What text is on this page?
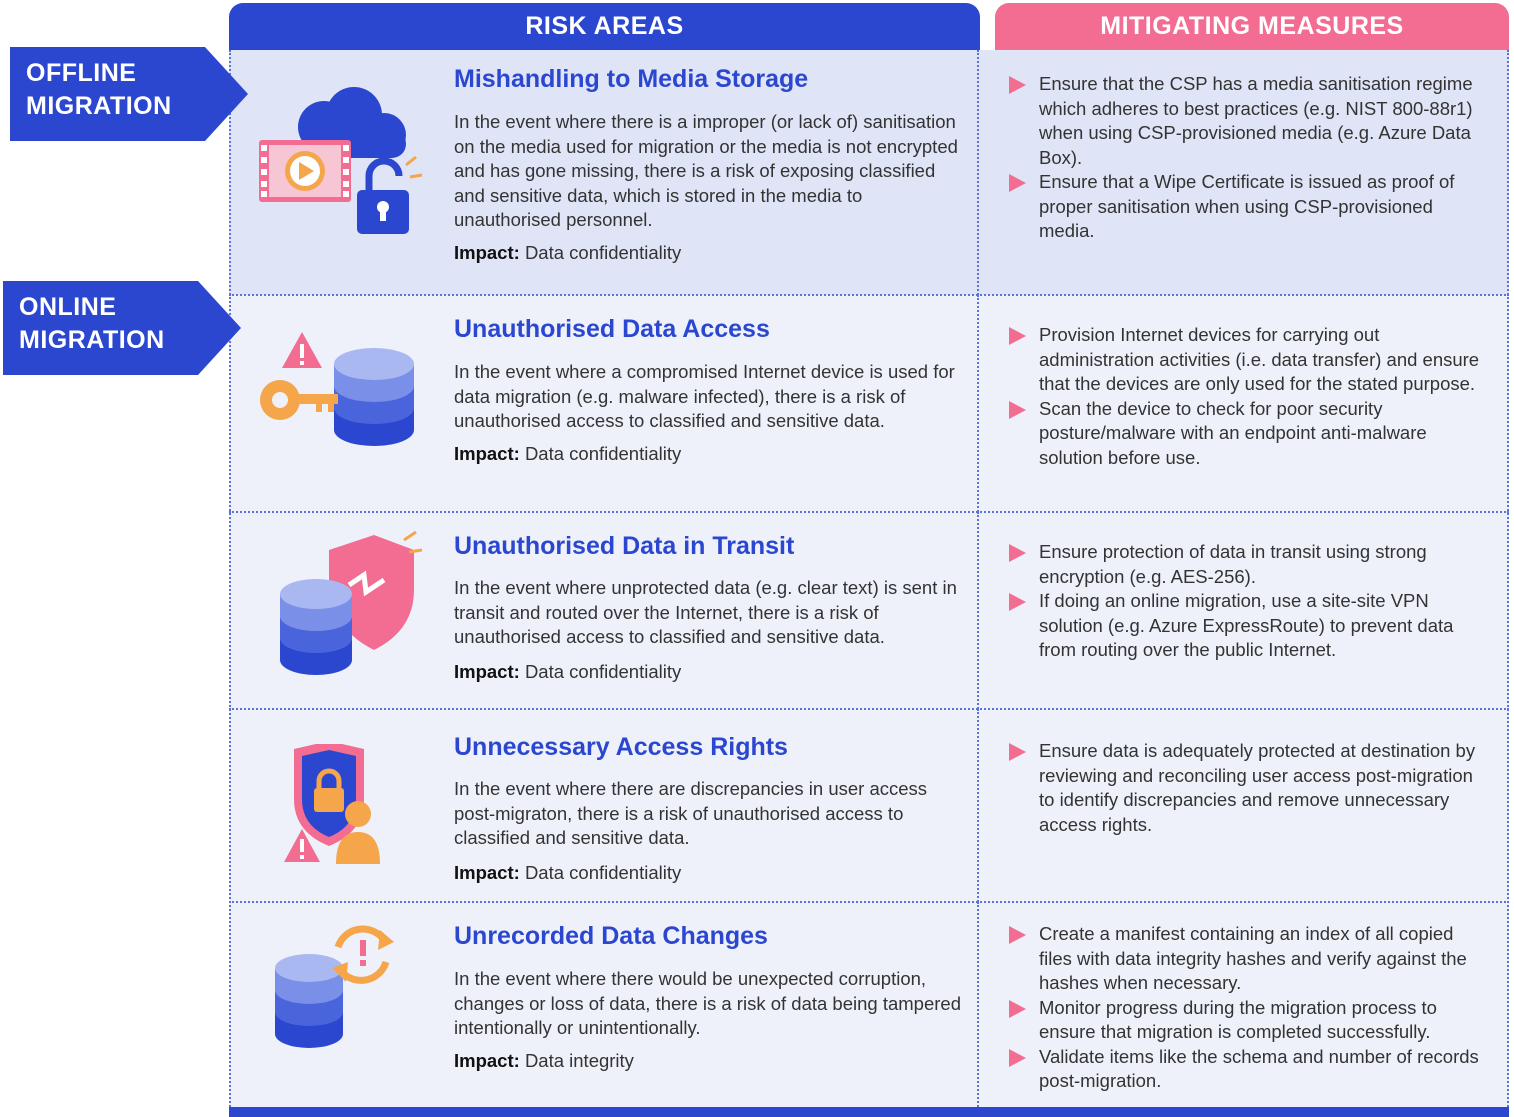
RISK AREAS	MITIGATING MEASURES
Mishandling to Media Storage
In the event where there is a improper (or lack of) sanitisation on the media used for migration or the media is not encrypted and has gone missing, there is a risk of exposing classified and sensitive data, which is stored in the media to unauthorised personnel.
Impact: Data confidentiality
Ensure that the CSP has a media sanitisation regime which adheres to best practices (e.g. NIST 800-88r1) when using CSP-provisioned media (e.g. Azure Data Box).
Ensure that a Wipe Certificate is issued as proof of proper sanitisation when using CSP-provisioned media.
Unauthorised Data Access
In the event where a compromised Internet device is used for data migration (e.g. malware infected), there is a risk of unauthorised access to classified and sensitive data.
Impact: Data confidentiality
Provision Internet devices for carrying out administration activities (i.e. data transfer) and ensure that the devices are only used for the stated purpose.
Scan the device to check for poor security posture/malware with an endpoint anti-malware solution before use.
Unauthorised Data in Transit
In the event where unprotected data (e.g. clear text) is sent in transit and routed over the Internet, there is a risk of unauthorised access to classified and sensitive data.
Impact: Data confidentiality
Ensure protection of data in transit using strong encryption (e.g. AES-256).
If doing an online migration, use a site-site VPN solution (e.g. Azure ExpressRoute) to prevent data from routing over the public Internet.
Unnecessary Access Rights
In the event where there are discrepancies in user access post-migraton, there is a risk of unauthorised access to classified and sensitive data.
Impact: Data confidentiality
Ensure data is adequately protected at destination by reviewing and reconciling user access post-migration to identify discrepancies and remove unnecessary access rights.
Unrecorded Data Changes
In the event where there would be unexpected corruption, changes or loss of data, there is a risk of data being tampered intentionally or unintentionally.
Impact: Data integrity
Create a manifest containing an index of all copied files with data integrity hashes and verify against the hashes when necessary.
Monitor progress during the migration process to ensure that migration is completed successfully.
Validate items like the schema and number of records post-migration.
OFFLINE
MIGRATION
ONLINE
MIGRATION
